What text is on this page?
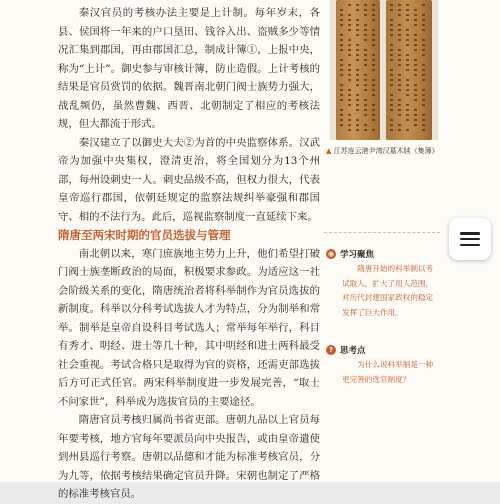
秦汉官员的考核办法主要是上计制。每年岁末，各县、侯国将一年来的户口垦田、钱谷入出、盗贼多少等情况汇集到郡国，再由郡国汇总，制成计簿①，上报中央，称为“上计”。御史参与审核计簿，防止造假。上计考核的结果是官员赏罚的依据。魏晋南北朝门阀士族势力强大，战乱频仍，虽然曹魏、西晋、北朝制定了相应的考核法规，但大都流于形式。

秦汉建立了以御史大夫②为首的中央监察体系。汉武帝为加强中央集权，澄清吏治，将全国划分为13个州部，每州设刺史一人。刺史品级不高，但权力很大，代表皇帝巡行郡国，依朝廷规定的监察法规纠举豪强和郡国守、相的不法行为。此后，巡视监察制度一直延续下来。

隋唐至两宋时期的官员选拔与管理

南北朝以来，寒门庶族地主势力上升，他们希望打破门阀士族垄断政治的局面，积极要求参政。为适应这一社会阶级关系的变化，隋唐统治者将科举制作为官员选拔的新制度。科举以分科考试选拔人才为特点，分为制举和常举。制举是皇帝自设科目考试选人；常举每年举行，科目有秀才、明经、进士等几十种，其中明经和进士两科最受社会重视。考试合格只是取得为官的资格，还需吏部选拔后方可正式任官。两宋科举制度进一步发展完善，“取士不问家世”，科举成为选拔官员的主要途径。

隋唐官员考核归属尚书省吏部。唐朝九品以上官员每年要考核，地方官每年要派员向中央报告，或由皇帝遣使到州县巡行考察。唐朝以品德和才能为标准考核官员，分为九等，依据考核结果确定官员升降。宋朝也制定了严格的标准考核官员。

▲ 江苏连云港尹湾汉墓木牍《集簿》
◉ 学习聚焦
隋唐开始的科举制以考试取人，扩大了用人范围，对历代封建国家政权的稳定发挥了巨大作用。
? 思考点
为什么说科举制是一种更完善的选官制度？
